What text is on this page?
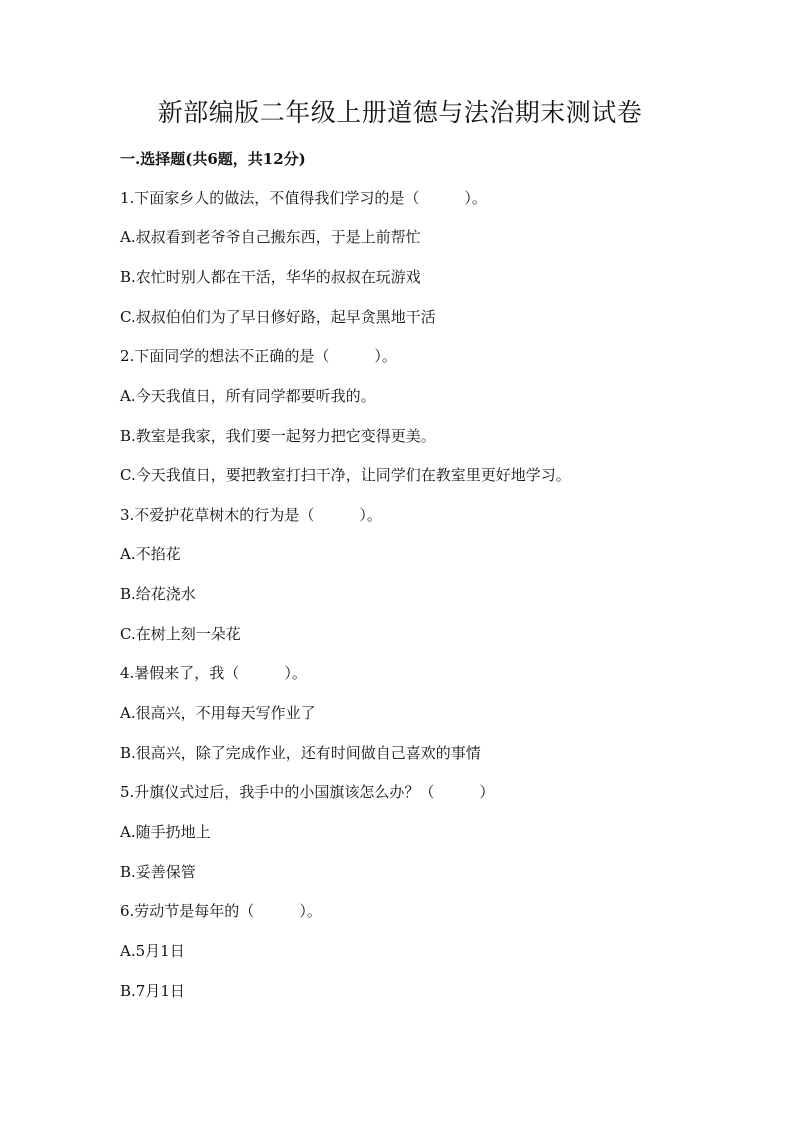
新部编版二年级上册道德与法治期末测试卷
一.选择题(共6题，共12分)
1.下面家乡人的做法，不值得我们学习的是（　　　）。
A.叔叔看到老爷爷自己搬东西，于是上前帮忙
B.农忙时别人都在干活，华华的叔叔在玩游戏
C.叔叔伯伯们为了早日修好路，起早贪黑地干活
2.下面同学的想法不正确的是（　　　）。
A.今天我值日，所有同学都要听我的。
B.教室是我家，我们要一起努力把它变得更美。
C.今天我值日，要把教室打扫干净，让同学们在教室里更好地学习。
3.不爱护花草树木的行为是（　　　）。
A.不掐花
B.给花浇水
C.在树上刻一朵花
4.暑假来了，我（　　　）。
A.很高兴，不用每天写作业了
B.很高兴，除了完成作业，还有时间做自己喜欢的事情
5.升旗仪式过后，我手中的小国旗该怎么办？（　　　）
A.随手扔地上
B.妥善保管
6.劳动节是每年的（　　　）。
A.5月1日
B.7月1日
